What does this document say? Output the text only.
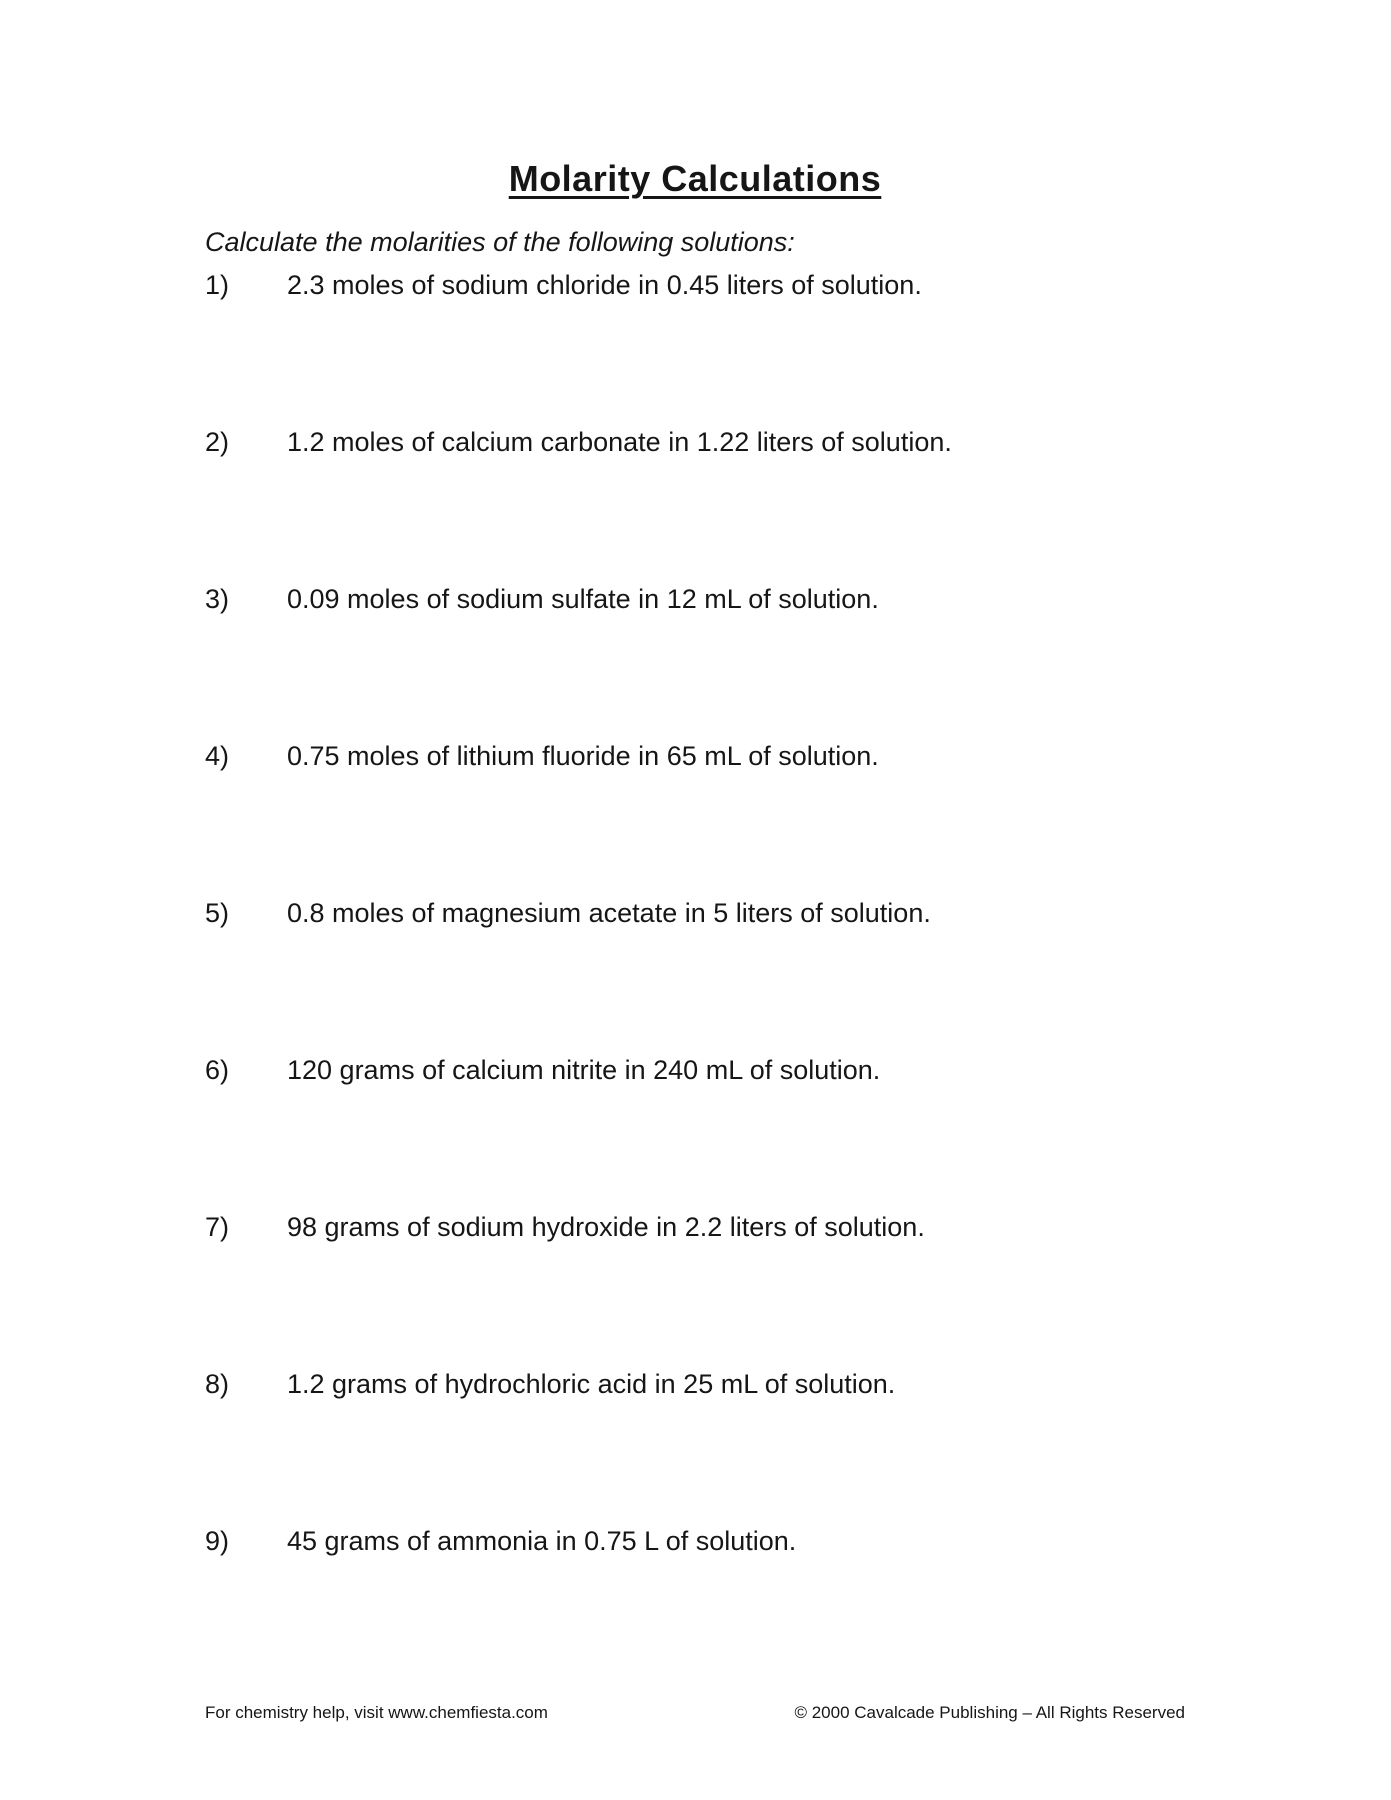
Molarity Calculations

Calculate the molarities of the following solutions:

1)	2.3 moles of sodium chloride in 0.45 liters of solution.
2)	1.2 moles of calcium carbonate in 1.22 liters of solution.
3)	0.09 moles of sodium sulfate in 12 mL of solution.
4)	0.75 moles of lithium fluoride in 65 mL of solution.
5)	0.8 moles of magnesium acetate in 5 liters of solution.
6)	120 grams of calcium nitrite in 240 mL of solution.
7)	98 grams of sodium hydroxide in 2.2 liters of solution.
8)	1.2 grams of hydrochloric acid in 25 mL of solution.
9)	45 grams of ammonia in 0.75 L of solution.
For chemistry help, visit www.chemfiesta.com	© 2000 Cavalcade Publishing – All Rights Reserved
